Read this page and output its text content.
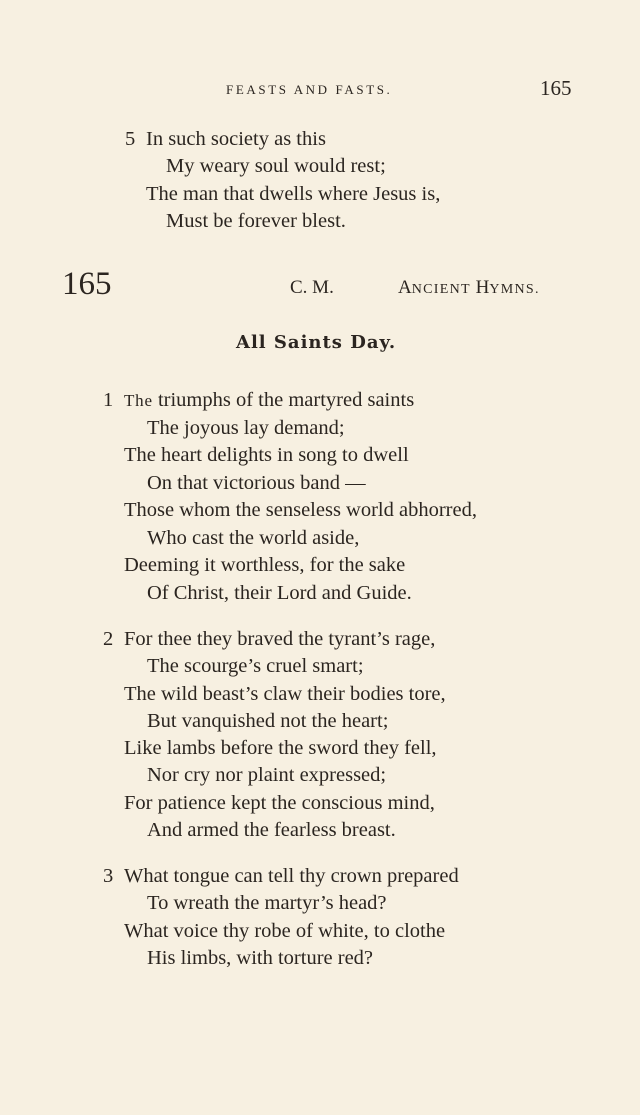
FEASTS AND FASTS.	165
5 In such society as this
My weary soul would rest;
The man that dwells where Jesus is,
Must be forever blest.
165	C. M.	ANCIENT HYMNS.
All Saints Day.
1 The triumphs of the martyred saints
The joyous lay demand;
The heart delights in song to dwell
On that victorious band —
Those whom the senseless world abhorred,
Who cast the world aside,
Deeming it worthless, for the sake
Of Christ, their Lord and Guide.
2 For thee they braved the tyrant’s rage,
The scourge’s cruel smart;
The wild beast’s claw their bodies tore,
But vanquished not the heart;
Like lambs before the sword they fell,
Nor cry nor plaint expressed;
For patience kept the conscious mind,
And armed the fearless breast.
3 What tongue can tell thy crown prepared
To wreath the martyr’s head?
What voice thy robe of white, to clothe
His limbs, with torture red?
